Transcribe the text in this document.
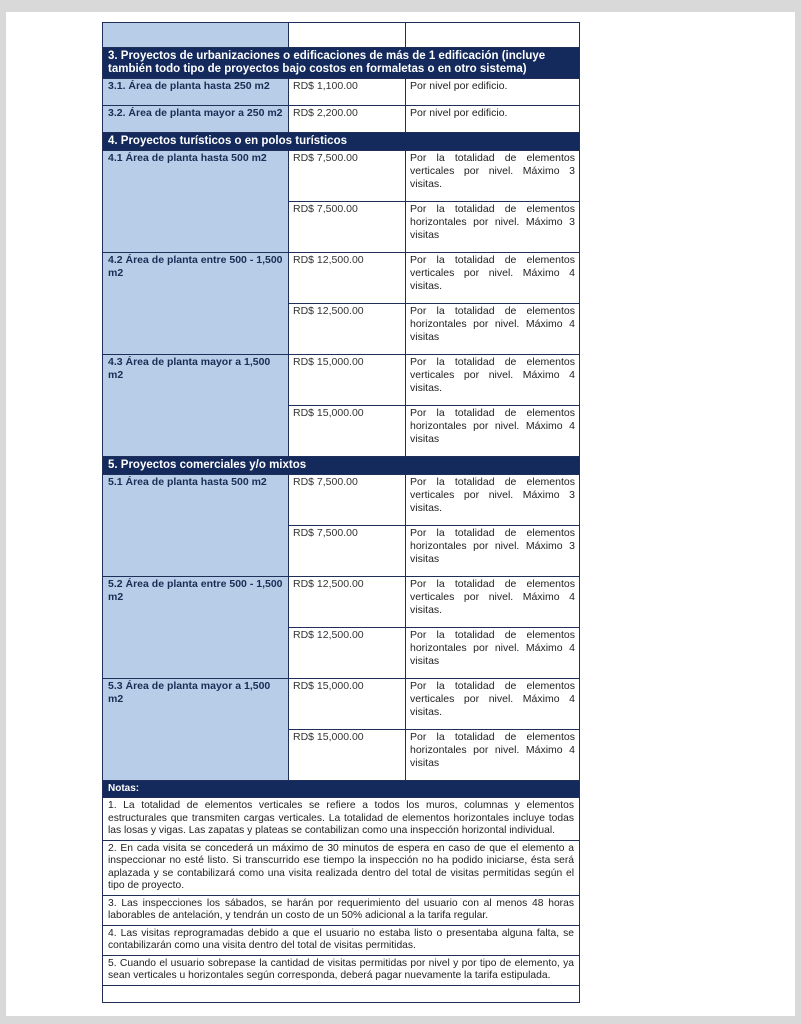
3. Proyectos de urbanizaciones o edificaciones de más de 1 edificación (incluye también todo tipo de proyectos bajo costos en formaletas o en otro sistema)		
3.1. Área de planta hasta 250 m2	RD$ 1,100.00	Por nivel por edificio.
3.2. Área de planta mayor a 250 m2	RD$ 2,200.00	Por nivel por edificio.
4. Proyectos turísticos o en polos turísticos		
4.1 Área de planta hasta 500 m2	RD$ 7,500.00	Por la totalidad de elementos verticales por nivel. Máximo 3 visitas.
	RD$ 7,500.00	Por la totalidad de elementos horizontales por nivel. Máximo 3 visitas
4.2 Área de planta entre 500 - 1,500 m2	RD$ 12,500.00	Por la totalidad de elementos verticales por nivel. Máximo 4 visitas.
	RD$ 12,500.00	Por la totalidad de elementos horizontales por nivel. Máximo 4 visitas
4.3 Área de planta mayor a 1,500 m2	RD$ 15,000.00	Por la totalidad de elementos verticales por nivel. Máximo 4 visitas.
	RD$ 15,000.00	Por la totalidad de elementos horizontales por nivel. Máximo 4 visitas
5. Proyectos comerciales y/o mixtos		
5.1 Área de planta hasta 500 m2	RD$ 7,500.00	Por la totalidad de elementos verticales por nivel. Máximo 3 visitas.
	RD$ 7,500.00	Por la totalidad de elementos horizontales por nivel. Máximo 3 visitas
5.2 Área de planta entre 500 - 1,500 m2	RD$ 12,500.00	Por la totalidad de elementos verticales por nivel. Máximo 4 visitas.
	RD$ 12,500.00	Por la totalidad de elementos horizontales por nivel. Máximo 4 visitas
5.3 Área de planta mayor a 1,500 m2	RD$ 15,000.00	Por la totalidad de elementos verticales por nivel. Máximo 4 visitas.
	RD$ 15,000.00	Por la totalidad de elementos horizontales por nivel. Máximo 4 visitas
Notas:		
1. La totalidad de elementos verticales se refiere a todos los muros, columnas y elementos estructurales que transmiten cargas verticales. La totalidad de elementos horizontales incluye todas las losas y vigas. Las zapatas y plateas se contabilizan como una inspección horizontal individual.		
2. En cada visita se concederá un máximo de 30 minutos de espera en caso de que el elemento a inspeccionar no esté listo. Si transcurrido ese tiempo la inspección no ha podido iniciarse, ésta será aplazada y se contabilizará como una visita realizada dentro del total de visitas permitidas según el tipo de proyecto.		
3. Las inspecciones los sábados, se harán por requerimiento del usuario con al menos 48 horas laborables de antelación, y tendrán un costo de un 50% adicional a la tarifa regular.		
4. Las visitas reprogramadas debido a que el usuario no estaba listo o presentaba alguna falta, se contabilizarán como una visita dentro del total de visitas permitidas.		
5. Cuando el usuario sobrepase la cantidad de visitas permitidas por nivel y por tipo de elemento, ya sean verticales u horizontales según corresponda, deberá pagar nuevamente la tarifa estipulada.		
